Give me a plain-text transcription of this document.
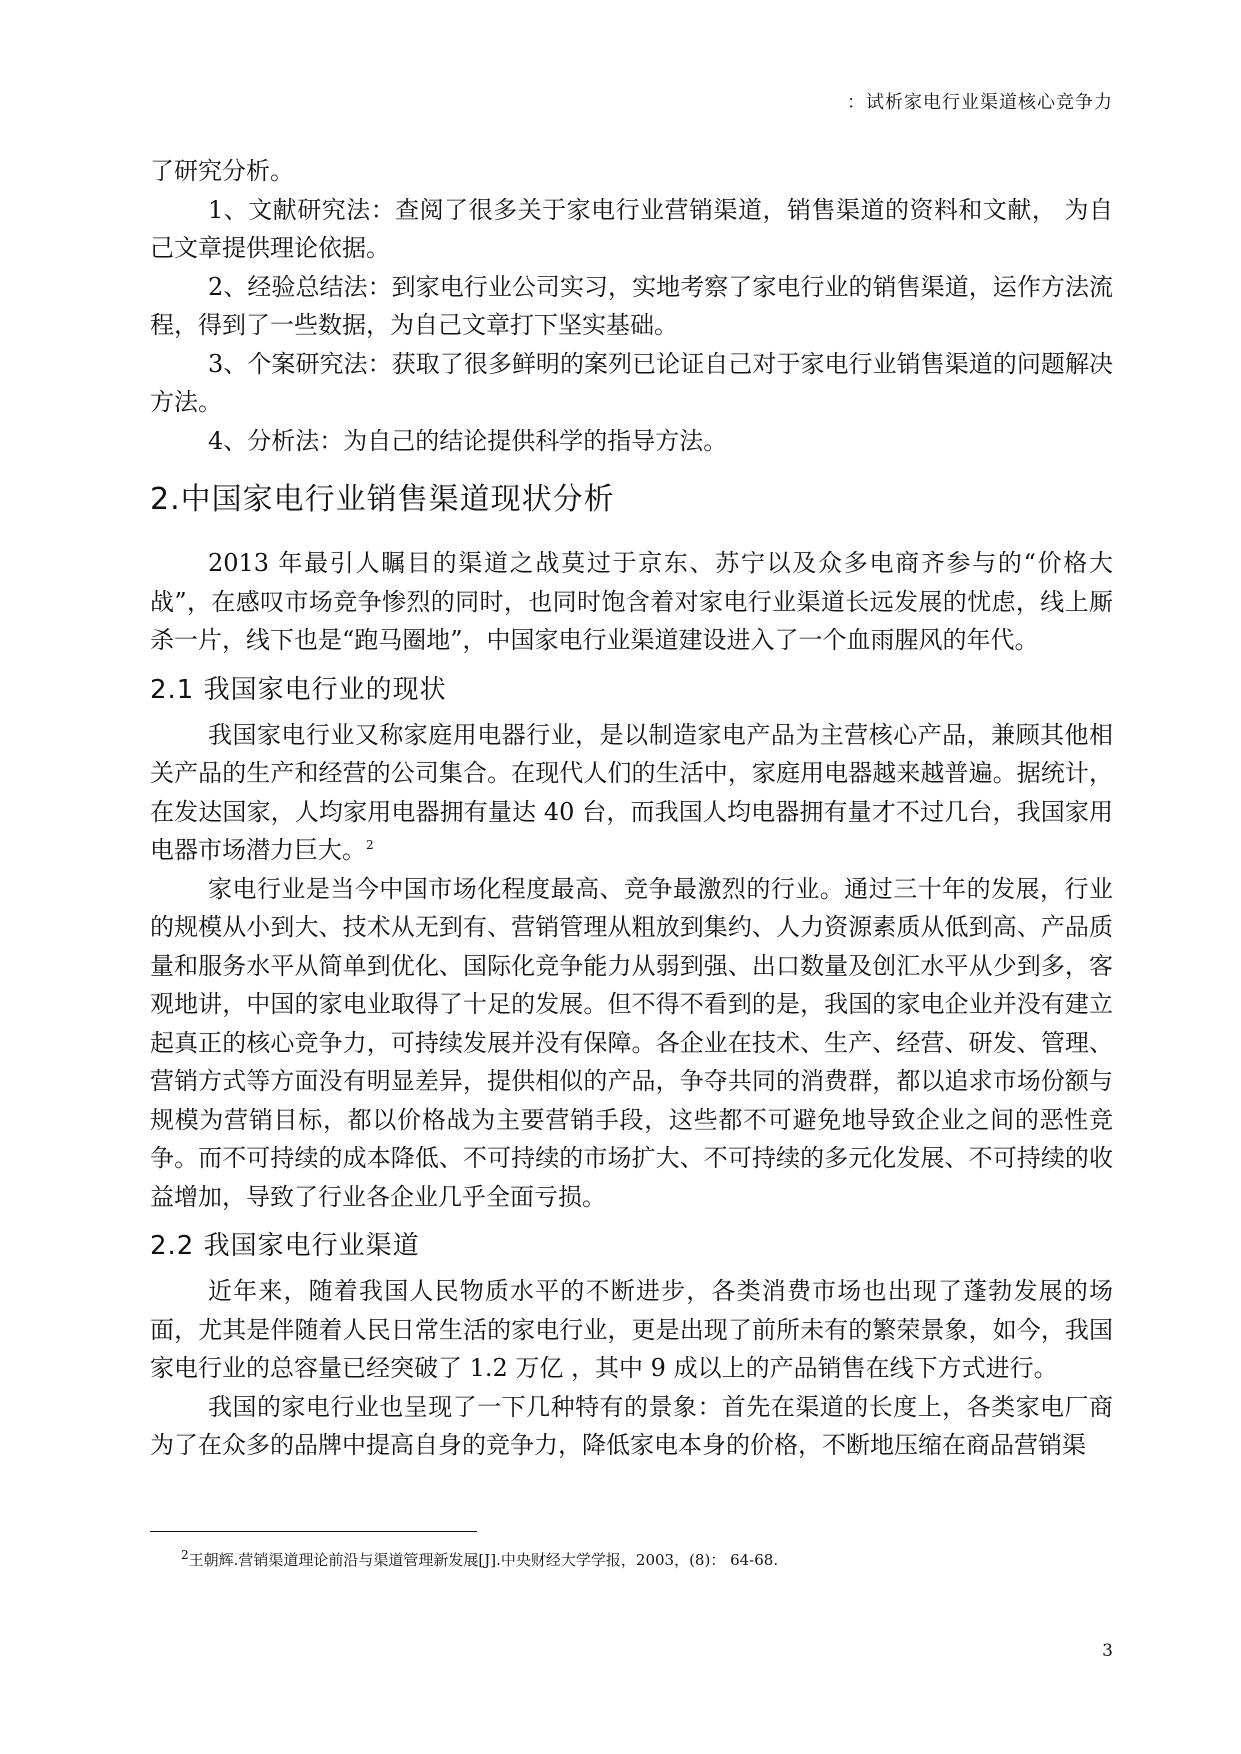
：试析家电行业渠道核心竞争力

了研究分析。

1、文献研究法：查阅了很多关于家电行业营销渠道，销售渠道的资料和文献， 为自己文章提供理论依据。

2、经验总结法：到家电行业公司实习，实地考察了家电行业的销售渠道，运作方法流程，得到了一些数据，为自己文章打下坚实基础。

3、个案研究法：获取了很多鲜明的案列已论证自己对于家电行业销售渠道的问题解决方法。

4、分析法：为自己的结论提供科学的指导方法。

2.中国家电行业销售渠道现状分析

2013 年最引人瞩目的渠道之战莫过于京东、苏宁以及众多电商齐参与的“价格大战”，在感叹市场竞争惨烈的同时，也同时饱含着对家电行业渠道长远发展的忧虑，线上厮杀一片，线下也是“跑马圈地”，中国家电行业渠道建设进入了一个血雨腥风的年代。

2.1 我国家电行业的现状

我国家电行业又称家庭用电器行业，是以制造家电产品为主营核心产品，兼顾其他相关产品的生产和经营的公司集合。在现代人们的生活中，家庭用电器越来越普遍。据统计，在发达国家，人均家用电器拥有量达 40 台，而我国人均电器拥有量才不过几台，我国家用电器市场潜力巨大。$^2$

家电行业是当今中国市场化程度最高、竞争最激烈的行业。通过三十年的发展，行业的规模从小到大、技术从无到有、营销管理从粗放到集约、人力资源素质从低到高、产品质量和服务水平从简单到优化、国际化竞争能力从弱到强、出口数量及创汇水平从少到多，客观地讲，中国的家电业取得了十足的发展。但不得不看到的是，我国的家电企业并没有建立起真正的核心竞争力，可持续发展并没有保障。各企业在技术、生产、经营、研发、管理、营销方式等方面没有明显差异，提供相似的产品，争夺共同的消费群，都以追求市场份额与规模为营销目标，都以价格战为主要营销手段，这些都不可避免地导致企业之间的恶性竞争。而不可持续的成本降低、不可持续的市场扩大、不可持续的多元化发展、不可持续的收益增加，导致了行业各企业几乎全面亏损。

2.2 我国家电行业渠道

近年来，随着我国人民物质水平的不断进步，各类消费市场也出现了蓬勃发展的场面，尤其是伴随着人民日常生活的家电行业，更是出现了前所未有的繁荣景象，如今，我国家电行业的总容量已经突破了 1.2 万亿 ，其中 9 成以上的产品销售在线下方式进行。

我国的家电行业也呈现了一下几种特有的景象：首先在渠道的长度上，各类家电厂商为了在众多的品牌中提高自身的竞争力，降低家电本身的价格，不断地压缩在商品营销渠

$^2$王朝辉.营销渠道理论前沿与渠道管理新发展[J].中央财经大学学报，2003，(8)： 64-68.
3
